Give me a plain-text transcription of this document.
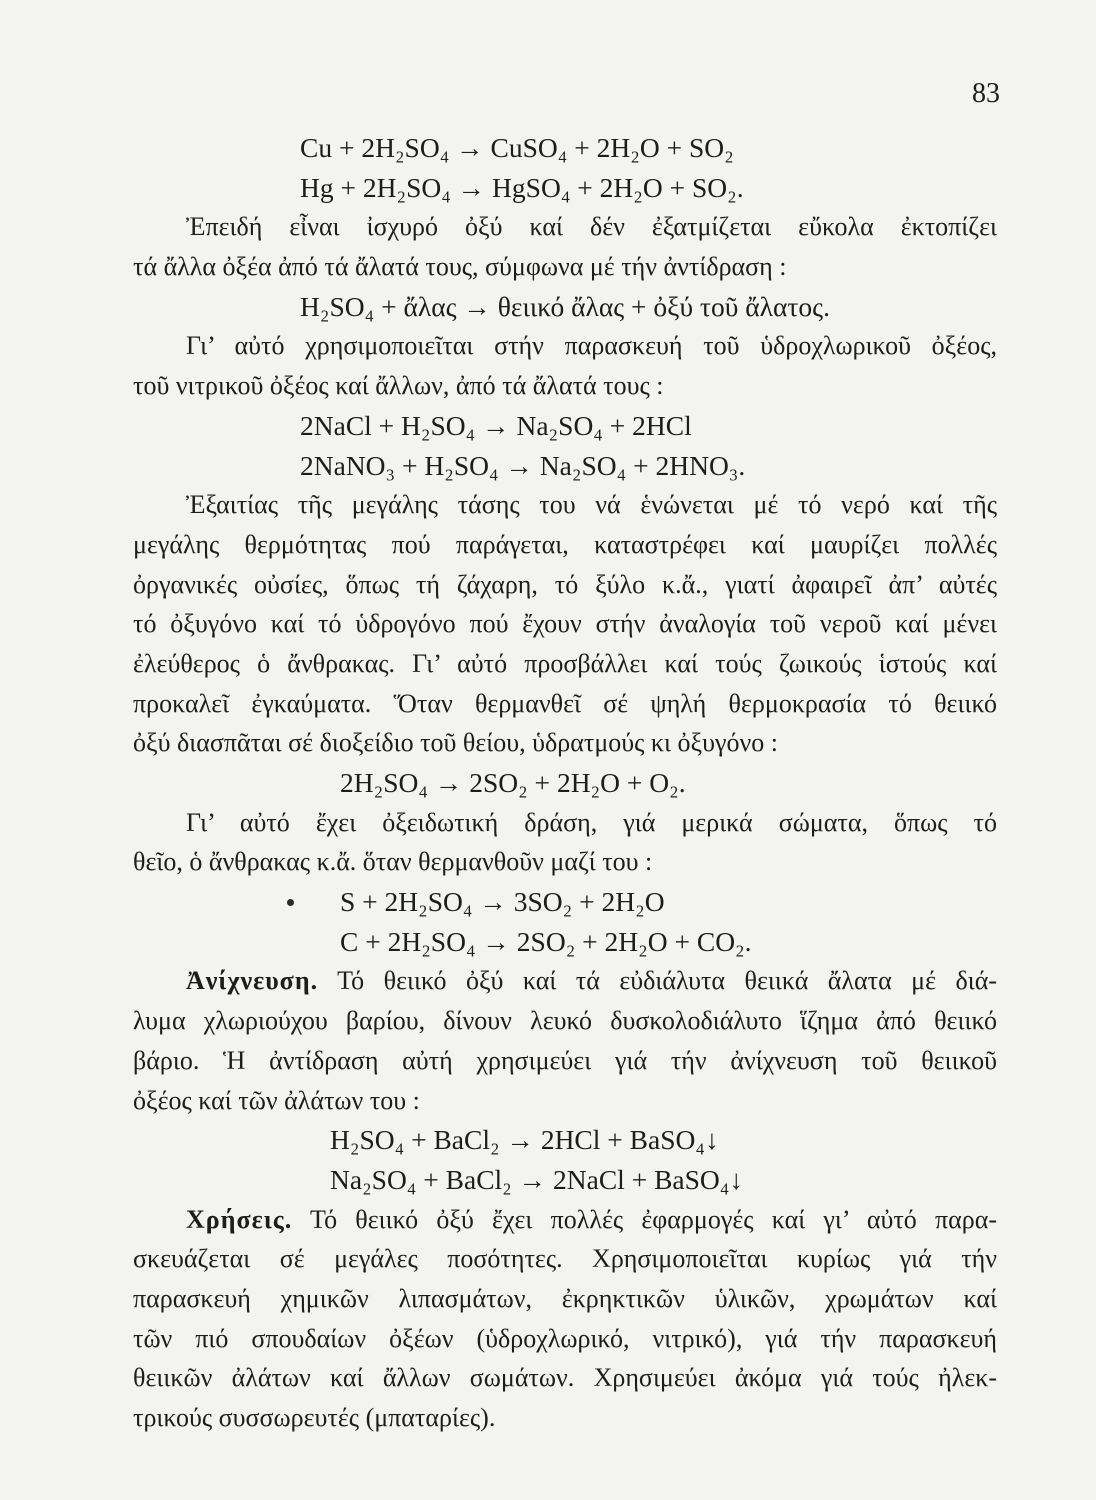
83
Cu + 2H₂SO₄ → CuSO₄ + 2H₂O + SO₂
Hg + 2H₂SO₄ → HgSO₄ + 2H₂O + SO₂.
Ἐπειδή εἶναι ἰσχυρό ὀξύ καί δέν ἐξατμίζεται εὔκολα ἐκτοπίζει
τά ἄλλα ὀξέα ἀπό τά ἄλατά τους, σύμφωνα μέ τήν ἀντίδραση :
H₂SO₄ + ἄλας → θειικό ἄλας + ὀξύ τοῦ ἄλατος.
Γι’ αὐτό χρησιμοποιεῖται στήν παρασκευή τοῦ ὑδροχλωρικοῦ ὀξέος,
τοῦ νιτρικοῦ ὀξέος καί ἄλλων, ἀπό τά ἄλατά τους :
2NaCl + H₂SO₄ → Na₂SO₄ + 2HCl
2NaNO₃ + H₂SO₄ → Na₂SO₄ + 2HNO₃.
Ἐξαιτίας τῆς μεγάλης τάσης του νά ἑνώνεται μέ τό νερό καί τῆς
μεγάλης θερμότητας πού παράγεται, καταστρέφει καί μαυρίζει πολλές
ὀργανικές οὐσίες, ὅπως τή ζάχαρη, τό ξύλο κ.ἄ., γιατί ἀφαιρεῖ ἀπ’ αὐτές
τό ὀξυγόνο καί τό ὑδρογόνο πού ἔχουν στήν ἀναλογία τοῦ νεροῦ καί μένει
ἐλεύθερος ὁ ἄνθρακας. Γι’ αὐτό προσβάλλει καί τούς ζωικούς ἱστούς καί
προκαλεῖ ἐγκαύματα. Ὅταν θερμανθεῖ σέ ψηλή θερμοκρασία τό θειικό
ὀξύ διασπᾶται σέ διοξείδιο τοῦ θείου, ὑδρατμούς κι ὀξυγόνο :
2H₂SO₄ → 2SO₂ + 2H₂O + O₂.
Γι’ αὐτό ἔχει ὀξειδωτική δράση, γιά μερικά σώματα, ὅπως τό
θεῖο, ὁ ἄνθρακας κ.ἄ. ὅταν θερμανθοῦν μαζί του :
S + 2H₂SO₄ → 3SO₂ + 2H₂O
C + 2H₂SO₄ → 2SO₂ + 2H₂O + CO₂.
Ἀνίχνευση. Τό θειικό ὀξύ καί τά εὐδιάλυτα θειικά ἄλατα μέ διά-
λυμα χλωριούχου βαρίου, δίνουν λευκό δυσκολοδιάλυτο ἵζημα ἀπό θειικό
βάριο. Ἡ ἀντίδραση αὐτή χρησιμεύει γιά τήν ἀνίχνευση τοῦ θειικοῦ
ὀξέος καί τῶν ἀλάτων του :
H₂SO₄ + BaCl₂ → 2HCl + BaSO₄↓
Na₂SO₄ + BaCl₂ → 2NaCl + BaSO₄↓
Χρήσεις. Τό θειικό ὀξύ ἔχει πολλές ἐφαρμογές καί γι’ αὐτό παρα-
σκευάζεται σέ μεγάλες ποσότητες. Χρησιμοποιεῖται κυρίως γιά τήν
παρασκευή χημικῶν λιπασμάτων, ἐκρηκτικῶν ὑλικῶν, χρωμάτων καί
τῶν πιό σπουδαίων ὀξέων (ὑδροχλωρικό, νιτρικό), γιά τήν παρασκευή
θειικῶν ἀλάτων καί ἄλλων σωμάτων. Χρησιμεύει ἀκόμα γιά τούς ἠλεκ-
τρικούς συσσωρευτές (μπαταρίες).
